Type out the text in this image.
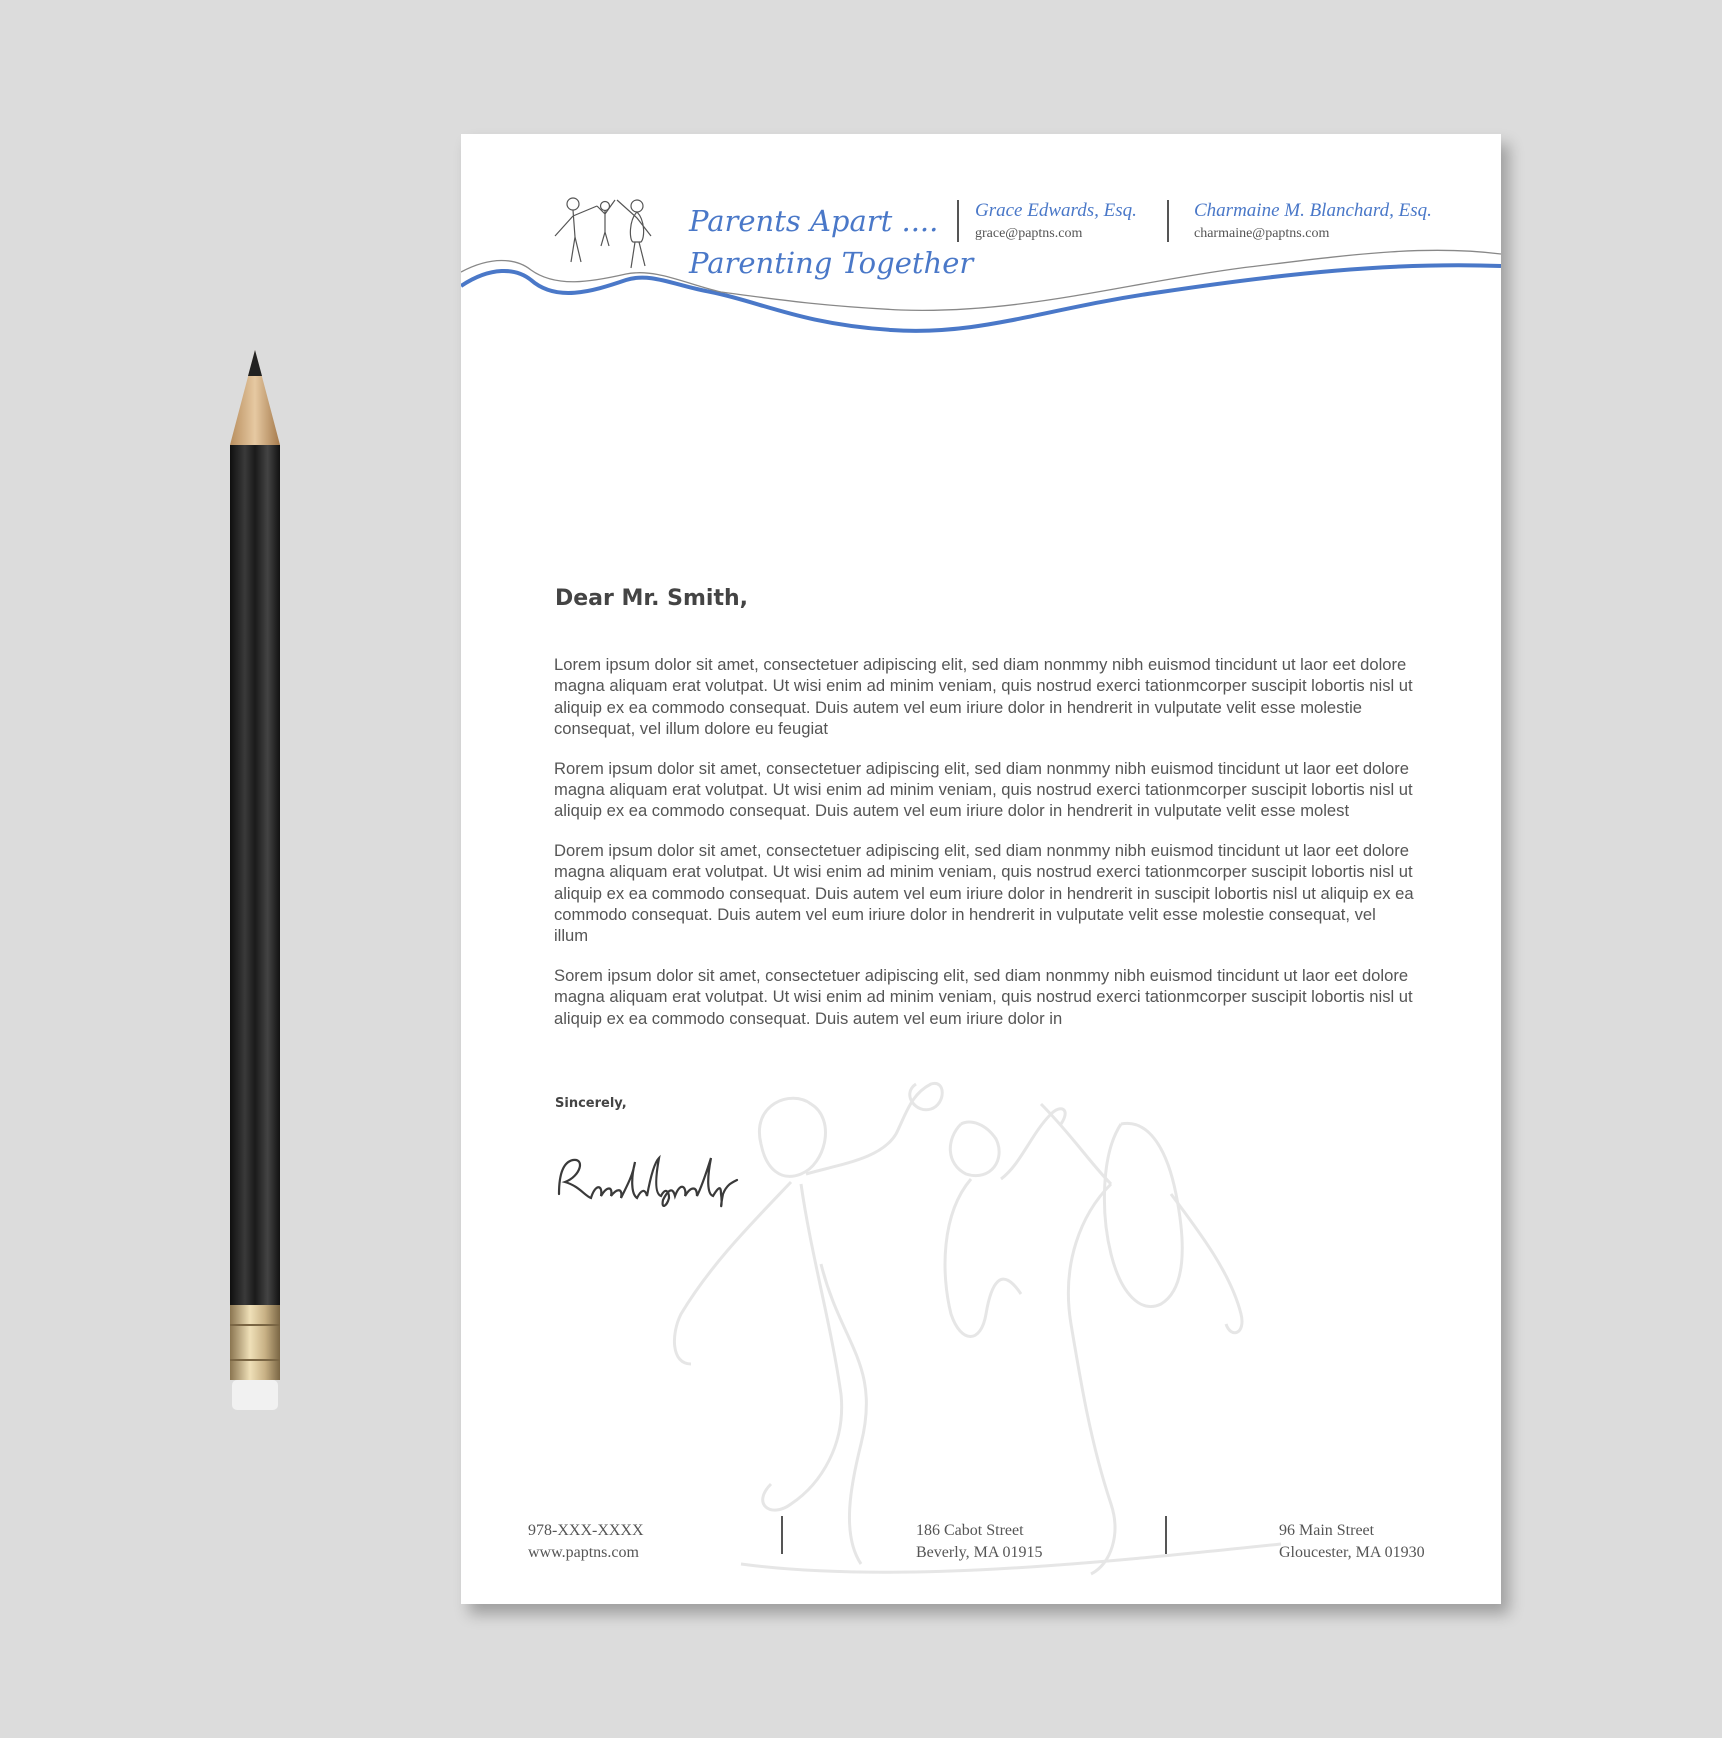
Parents Apart ....
Parenting Together
Grace Edwards, Esq.
grace@paptns.com
Charmaine M. Blanchard, Esq.
charmaine@paptns.com
Dear Mr. Smith,

Lorem ipsum dolor sit amet, consectetuer adipiscing elit, sed diam nonmmy nibh euismod tincidunt ut laor eet dolore magna aliquam erat volutpat. Ut wisi enim ad minim veniam, quis nostrud exerci tationmcorper suscipit lobortis nisl ut aliquip ex ea commodo consequat. Duis autem vel eum iriure dolor in hendrerit in vulputate velit esse molestie consequat, vel illum dolore eu feugiat

Rorem ipsum dolor sit amet, consectetuer adipiscing elit, sed diam nonmmy nibh euismod tincidunt ut laor eet dolore magna aliquam erat volutpat. Ut wisi enim ad minim veniam, quis nostrud exerci tationmcorper suscipit lobortis nisl ut aliquip ex ea commodo consequat. Duis autem vel eum iriure dolor in hendrerit in vulputate velit esse molest

Dorem ipsum dolor sit amet, consectetuer adipiscing elit, sed diam nonmmy nibh euismod tincidunt ut laor eet dolore magna aliquam erat volutpat. Ut wisi enim ad minim veniam, quis nostrud exerci tationmcorper suscipit lobortis nisl ut aliquip ex ea commodo consequat. Duis autem vel eum iriure dolor in hendrerit in suscipit lobortis nisl ut aliquip ex ea commodo consequat. Duis autem vel eum iriure dolor in hendrerit in vulputate velit esse molestie consequat, vel illum

Sorem ipsum dolor sit amet, consectetuer adipiscing elit, sed diam nonmmy nibh euismod tincidunt ut laor eet dolore magna aliquam erat volutpat. Ut wisi enim ad minim veniam, quis nostrud exerci tationmcorper suscipit lobortis nisl ut aliquip ex ea commodo consequat. Duis autem vel eum iriure dolor in

Sincerely,
978-XXX-XXXX
www.paptns.com
186 Cabot Street
Beverly, MA 01915
96 Main Street
Gloucester, MA 01930
